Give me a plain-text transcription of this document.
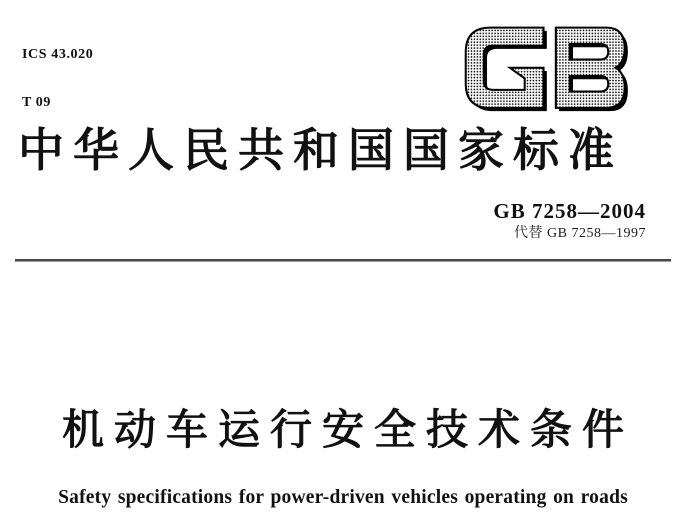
ICS 43.020

T 09

中华人民共和国国家标准
GB 7258—2004
代替 GB 7258—1997
机动车运行安全技术条件
Safety specifications for power-driven vehicles operating on roads
